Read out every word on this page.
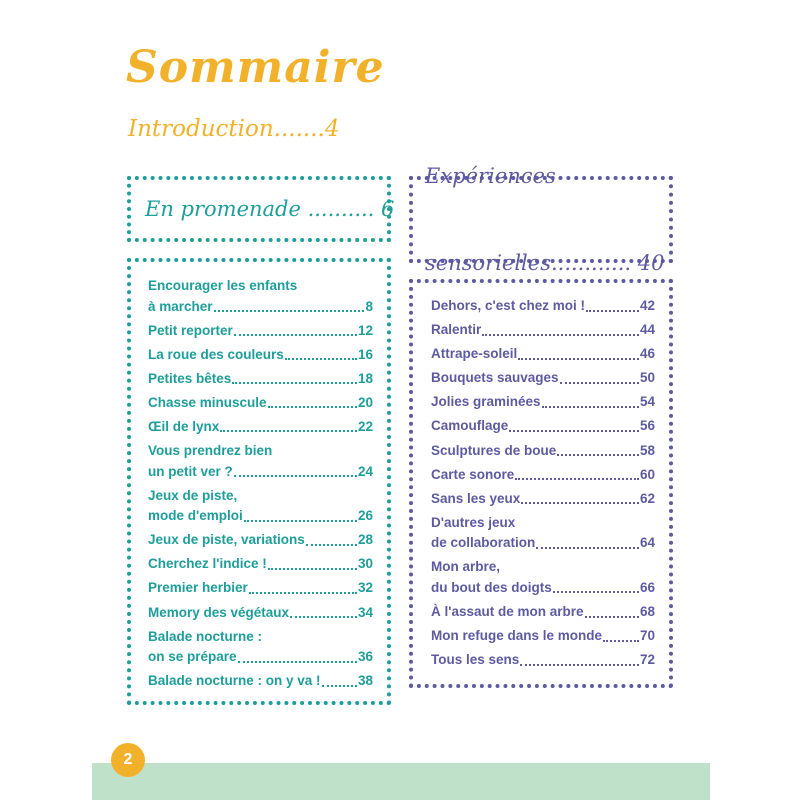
Sommaire
Introduction.......4
En promenade .......... 6

Expériences

sensorielles............ 40

Encourager les enfants
à marcher	8
Petit reporter	12
La roue des couleurs	16
Petites bêtes	18
Chasse minuscule	20
Œil de lynx	22
Vous prendrez bien
un petit ver ?	24
Jeux de piste,
mode d'emploi	26
Jeux de piste, variations	28
Cherchez l'indice !	30
Premier herbier	32
Memory des végétaux	34
Balade nocturne :
on se prépare	36
Balade nocturne : on y va !	38
Dehors, c'est chez moi !	42
Ralentir	44
Attrape-soleil	46
Bouquets sauvages	50
Jolies graminées	54
Camouflage	56
Sculptures de boue	58
Carte sonore	60
Sans les yeux	62
D'autres jeux
de collaboration	64
Mon arbre,
du bout des doigts	66
À l'assaut de mon arbre	68
Mon refuge dans le monde	70
Tous les sens	72
2
